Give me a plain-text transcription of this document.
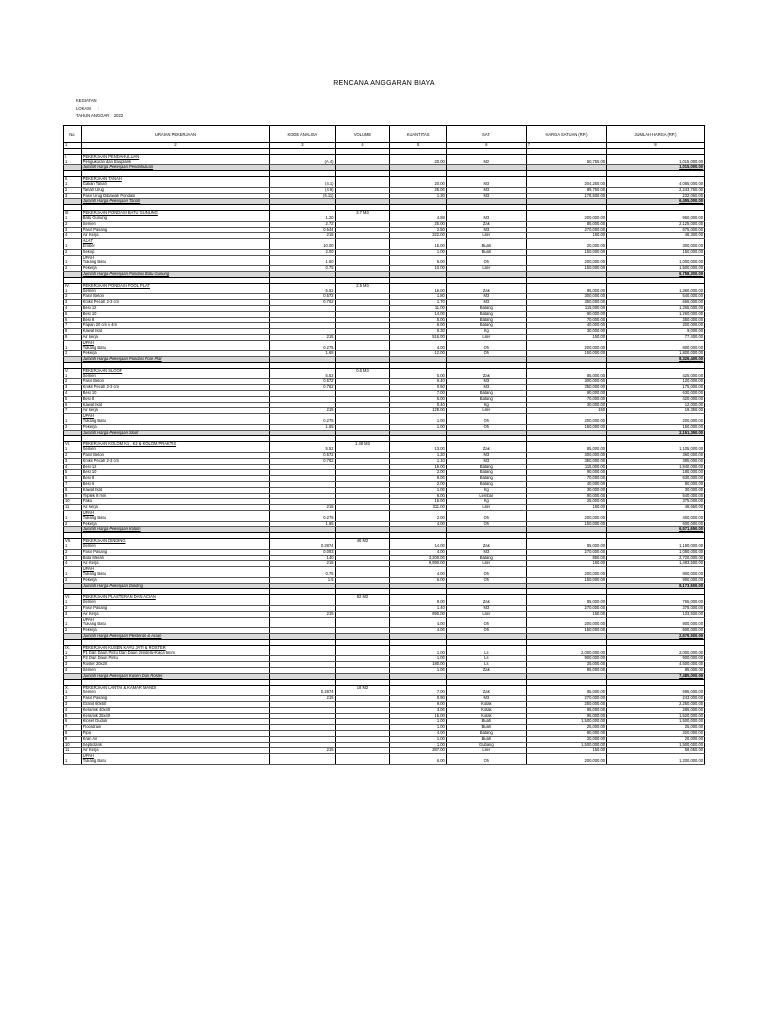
RENCANA ANGGARAN BIAYA
KEGIATAN
LOKASI      :
TAHUN ANGGAR :  2022
No.	URAIAN PEKERJAAN	KODE ANALISA	VOLUME	KUANTITAS	SAT.	HARGA SATUAN (RP.)	JUMLAH HARGA (RP.)
1	2	3	4	5	6	7	8

I.	PEKERJAAN PENDAHULUAN						
1	Pengukuran dan Bouplank	(A.4)		20.00	M2	50,750.00	1,015,000.00
	Jumlah Harga Pekerjaan Pendahuluan						1,015,000.00

II.	PEKERJAAN TANAH						
1	Galian Tanah	(4.1)		20.00	M3	204,250.00	4,085,000.00
2	Tanah Urug	(4.9)		25.00	M3	89,750.00	2,243,750.00
3	Pasir Urug Dibawah Pondasi	(6.11)		1.30	M3	178,500.00	232,050.00
	Jumlah Harga Pekerjaan Tanah						6,455,000.00

III.	PEKERJAAN PONDASI BATU GUNUNG		3.7 M3				
1	Batu Gunung	1.20		4.88	M3	200,000.00	960,000.00
2	Semen	2.72		25.00	Zak	85,000.00	2,125,000.00
3	Pasir Pasang	0.544		2.50	M3	270,000.00	675,000.00
4	Air Kerja	215		322.00	Liter	150.00	48,300.00
	ALAT						
1	Ember	10.00		15.00	Buah	20,000.00	300,000.00
2	Sekop	2.00		1.00	Buah	150,000.00	150,000.00
	UPAH						
1	Tukang Batu	1.50		5.00	Oh	200,000.00	1,000,000.00
2	Pekerja	0.75		10.00	Liter	150,000.00	1,500,000.00
	Jumlah Harga Pekerjaan Pondasi Batu Gunung						6,758,300.00

IV.	PEKERJAAN PONDASI FOOL PLAT		2.5 M3				
1	Semen	5.52		16.00	Zak	85,000.00	1,360,000.00
2	Pasir Beton	0.572		1.80	M3	300,000.00	540,000.00
3	Kriikil Pecah 2-3 cm	0.762		1.70	M3	350,000.00	665,000.00
4	Besi 12			11.00	Batang	115,000.00	1,265,000.00
5	Besi 10			14.00	Batang	90,000.00	1,260,000.00
6	Besi 8			5.00	Batang	70,000.00	350,000.00
7	Papan 20 cm x 4m			5.00	Batang	40,000.00	200,000.00
8	Kawat Ikat			0.30	Kg	30,000.00	9,000.00
9	Air kerja	215		516.00	Liter	150.00	77,400.00
	UPAH						
1	Tukang Batu	0.275		4.00	Oh	200,000.00	800,000.00
2	Pekerja	1.65		12.00	Oh	150,000.00	1,800,000.00
	Jumlah Harga Pekerjaan Pondasi Fore Plat						8,326,400.00

V.	PEKERJAAN SLOOF		0.6 M3				
1	Semen	5.52		5.00	Zak	85,000.00	425,000.00
2	Pasir Beton	0.572		0.40	M3	300,000.00	120,000.00
3	Kriikil Pecah 2-3 cm	0.762		0.50	M3	350,000.00	175,000.00
4	Besi 10			7.00	Batang	90,000.00	630,000.00
5	Besi 8			6.00	Batang	70,000.00	420,000.00
6	Kawat Ikat			0.40	Kg	30,000.00	12,000.00
7	Air kerja	215		129.00	Liter	150	19,350.00
	UPAH						
1	Tukang Batu	0.275		1.00	Oh	200,000.00	200,000.00
2	Pekerja	1.65		1.00	Oh	150,000.00	150,000.00
	Jumlah Harga Pekerjaan Sloof						2,151,350.00

VI.	PEKERJAAN KOLOM K1 , K2 & KOLOM PRAKTIS		1.48 M3				
1	Semen	5.52		13.00	Zak	85,000.00	1,105,000.00
2	Pasir Beton	0.572		1.20	M3	300,000.00	360,000.00
3	Kriikil Pecah 2-3 cm	0.762		1.10	M3	350,000.00	385,000.00
4	Besi 12			16.00	Batang	115,000.00	1,840,000.00
5	Besi 10			2.00	Batang	90,000.00	180,000.00
6	Besi 8			9.00	Batang	70,000.00	630,000.00
7	Besi 6			2.00	Batang	40,000.00	80,000.00
8	Kawat Ikat			1.00	Kg	30,000.00	30,000.00
9	Triplek 8 mm			6.00	Lembar	90,000.00	540,000.00
10	Paku			15.00	Kg	25,000.00	375,000.00
11	Air kerja	215		311.00	Liter	150.00	46,650.00
	UPAH						
1	Tukang Batu	0.275		2.00	Oh	200,000.00	400,000.00
2	Pekerja	1.65		4.00	Oh	150,000.00	600,000.00
	Jumlah Harga Pekerjaan Kolom						6,571,650.00

VII.	PEKERJAAN DINDING		46 M2				
1	Semen	0.2874		14.00	Zak	85,000.00	1,190,000.00
2	Pasir Pasang	0.093		4.00	M3	270,000.00	1,080,000.00
3	Bata Merah	140		3,200.00	Batang	850.00	2,720,000.00
4	Air Kerja	215		9,890.00	Liter	150.00	1,483,500.00
	UPAH						
1	Tukang Batu	0.75		4.00	Oh	200,000.00	800,000.00
2	Pekerja	1.5		6.00	Oh	150,000.00	900,000.00
	Jumlah Harga Pekerjaan Dinding						8,173,500.00

VI.	PEKERJAAN PLASTERAN DAN ACIAN		92 M2				
1	Semen			9.00	Zak	85,000.00	765,000.00
2	Pasir Pasang			1.40	M3	270,000.00	378,000.00
3	Air Kerja	215		890.00	Liter	150.00	133,500.00
	UPAH						
1	Tukang Batu			4.00	Oh	200,000.00	800,000.00
2	Pekerja			4.00	Oh	150,000.00	600,000.00
	Jumlah Harga Pekerjaan Plesteran & Acian						2,676,500.00

IX.	PEKERJAAN KUSEN KAYU JATI & ROSTER						
1	P1 Dan Daun Pintu Dan Daun Jendela+Kaca 5mm			1.00	Ls	2,000,000.00	2,000,000.00
2	P2 Dan Daun Pintu			1.00	Ls	900,000.00	900,000.00
3	Roster 20x20			180.00	Ls	25,000.00	4,500,000.00
4	Semen			1.00	Zak	85,000.00	85,000.00
	Jumlah Harga Pekerjaan Kusen Dan Roster						7,485,000.00

X.	PEKERJAAN LANTAI & KAMAR MANDI		18 M2				
1	Semen	0.2874		7.00	Zak	85,000.00	595,000.00
2	Pasir Pasang	215		0.90	M3	270,000.00	243,000.00
3	Granit 60x60			9.00	Kotak	250,000.00	2,250,000.00
4	Keramik 40x40			3.00	Kotak	95,000.00	285,000.00
5	Keramik 25x40			16.00	Kotak	95,000.00	1,520,000.00
6	Kloset Duduk			1.00	Buah	1,500,000.00	1,500,000.00
7	Floordrain			1.00	Buah	25,000.00	25,000.00
8	Pipa			4.00	Batang	80,000.00	320,000.00
9	Kran Air			1.00	Buah	20,000.00	20,000.00
10	Septictank			1.00	Gubang	1,500,000.00	1,500,000.00
11	Air Kerja	215		387.00	Liter	150.00	58,050.00
	UPAH						
1	Tukang Batu			6.00	Oh	200,000.00	1,200,000.00
